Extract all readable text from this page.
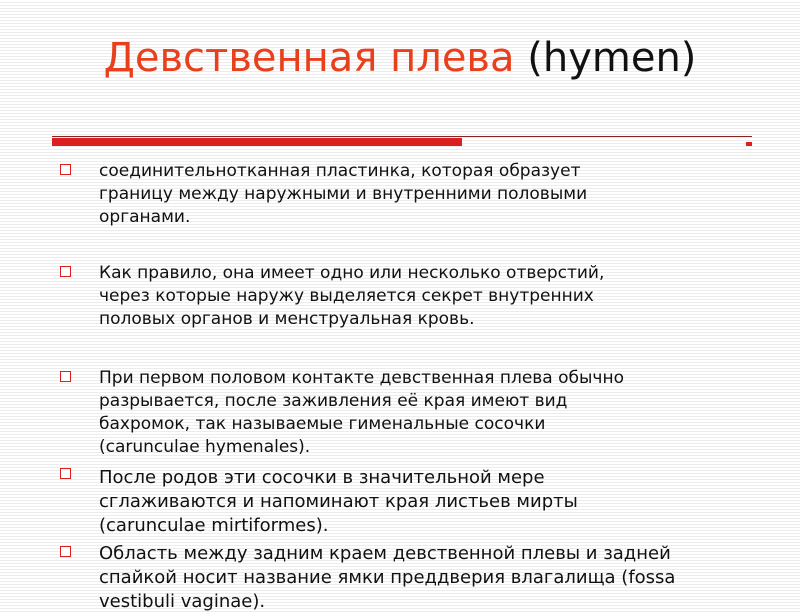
Девственная плева (hymen)
соединительнотканная пластинка, которая образует
границу между наружными и внутренними половыми
органами.
Как правило, она имеет одно или несколько отверстий,
через которые наружу выделяется секрет внутренних
половых органов и менструальная кровь.
При первом половом контакте девственная плева обычно
разрывается, после заживления её края имеют вид
бахромок, так называемые гименальные сосочки
(carunculae hymenales).
После родов эти сосочки в значительной мере
сглаживаются и напоминают края листьев мирты
(carunculae mirtiformes).
Область между задним краем девственной плевы и задней
спайкой носит название ямки преддверия влагалища (fossa
vestibuli vaginae).
